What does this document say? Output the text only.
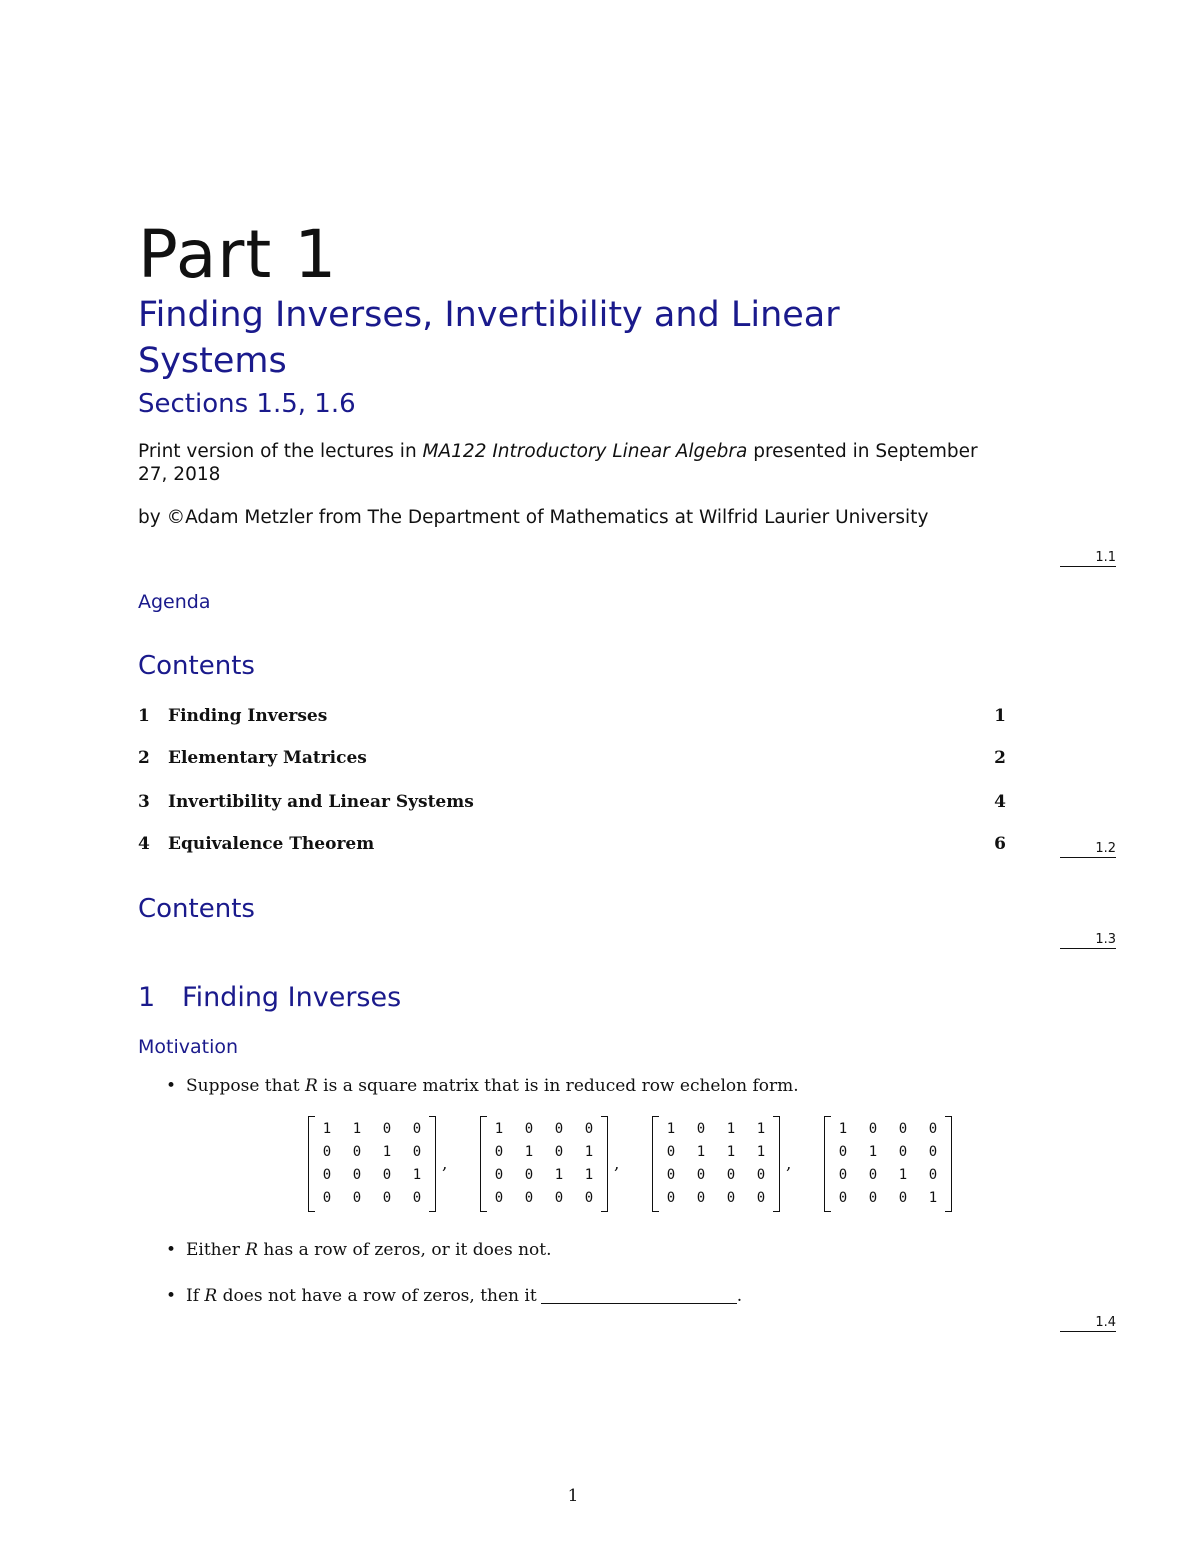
Part 1
Finding Inverses, Invertibility and Linear Systems
Sections 1.5, 1.6
Print version of the lectures in MA122 Introductory Linear Algebra presented in September 27, 2018
by ©Adam Metzler from The Department of Mathematics at Wilfrid Laurier University
1.1
Agenda
Contents
1 Finding Inverses	1
2 Elementary Matrices	2
3 Invertibility and Linear Systems	4
4 Equivalence Theorem	6	1.2
Contents
1.3
1 Finding Inverses
Motivation
• Suppose that R is a square matrix that is in reduced row echelon form.
1	1	0	0
0	0	1	0
0	0	0	1
0	0	0	0
,
1	0	0	0
0	1	0	1
0	0	1	1
0	0	0	0
,
1	0	1	1
0	1	1	1
0	0	0	0
0	0	0	0
,
1	0	0	0
0	1	0	0
0	0	1	0
0	0	0	1
• Either R has a row of zeros, or it does not.
• If R does not have a row of zeros, then it	.
1.4
1
